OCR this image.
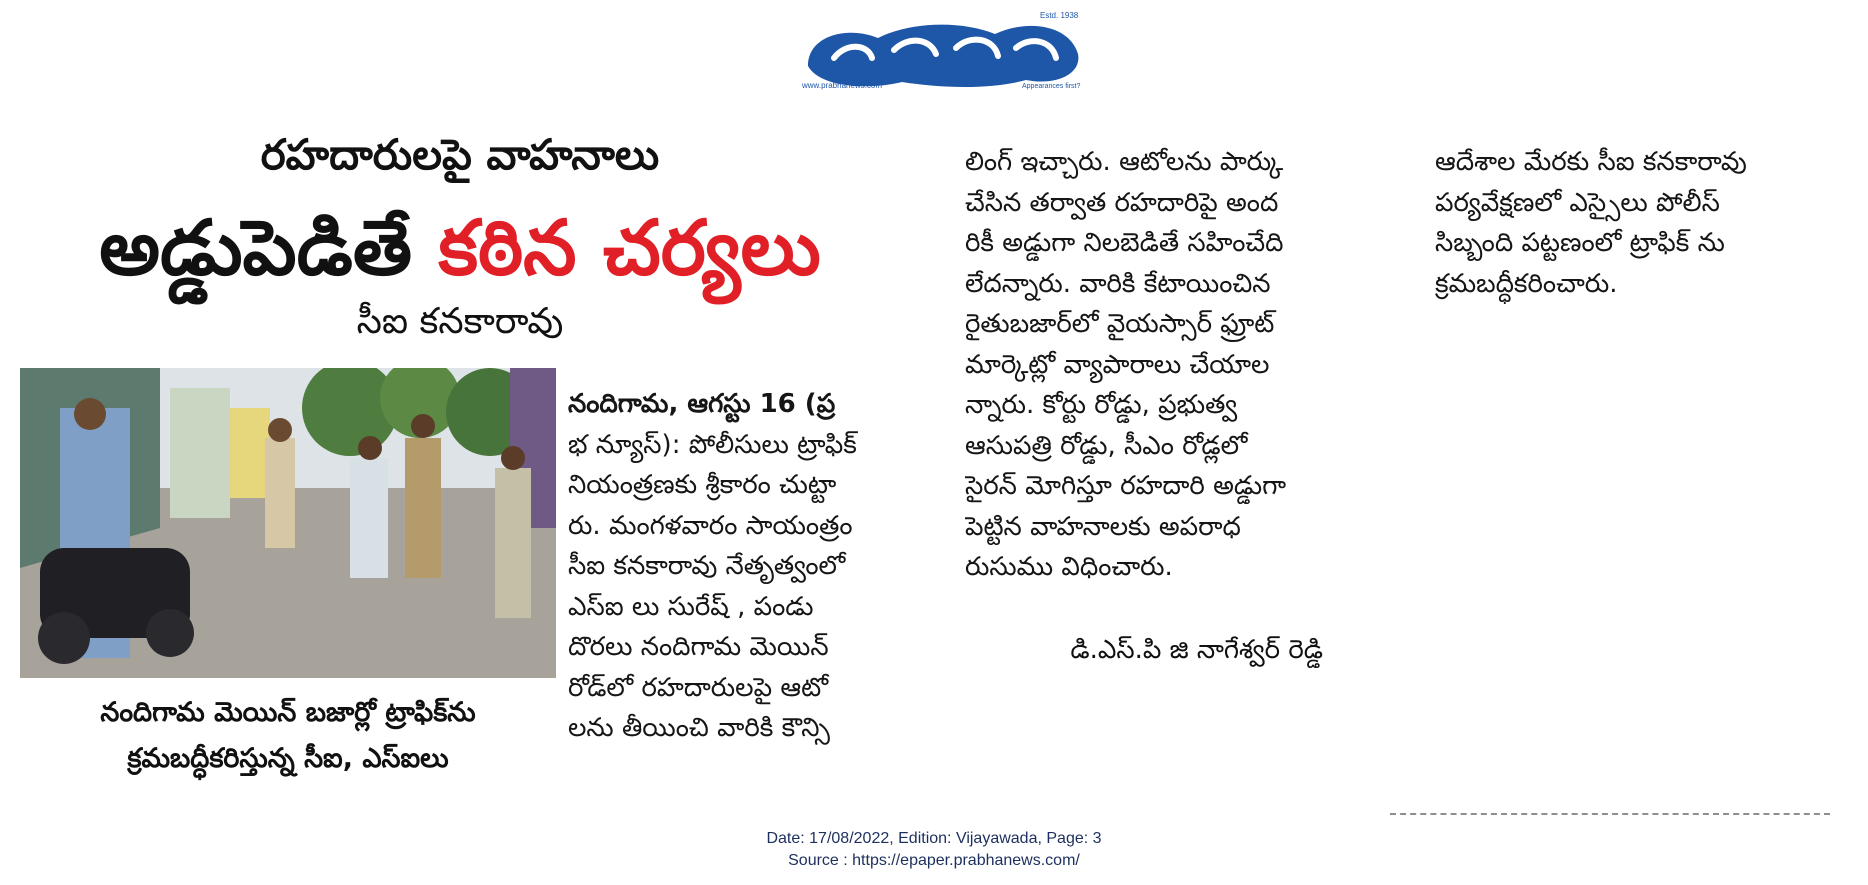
www.prabhanews.com	Appearances first?
Estd. 1938
రహదారులపై వాహనాలు
అడ్డుపెడితే కఠిన చర్యలు
సీఐ కనకారావు
నందిగామ మెయిన్ బజార్లో ట్రాఫిక్‌ను
క్రమబద్ధీకరిస్తున్న సీఐ, ఎస్ఐలు
నందిగామ, ఆగస్టు 16 (ప్ర
భ న్యూస్): పోలీసులు ట్రాఫిక్
నియంత్రణకు శ్రీకారం చుట్టా
రు. మంగళవారం సాయంత్రం
సీఐ కనకారావు నేతృత్వంలో
ఎస్ఐ లు సురేష్ , పండు
దొరలు నందిగామ మెయిన్
రోడ్‌లో రహదారులపై ఆటో
లను తీయించి వారికి కౌన్సి
లింగ్ ఇచ్చారు. ఆటోలను పార్కు
చేసిన తర్వాత రహదారిపై అంద
రికీ అడ్డుగా నిలబెడితే సహించేది
లేదన్నారు. వారికి కేటాయించిన
రైతుబజార్‌లో వైయస్సార్ ఫ్రూట్
మార్కెట్లో వ్యాపారాలు చేయాల
న్నారు. కోర్టు రోడ్డు, ప్రభుత్వ
ఆసుపత్రి రోడ్డు, సీఎం రోడ్లలో
సైరన్ మోగిస్తూ రహదారి అడ్డుగా
పెట్టిన వాహనాలకు అపరాధ
రుసుము విధించారు.
డి.ఎస్.పి జి నాగేశ్వర్ రెడ్డి
ఆదేశాల మేరకు సీఐ కనకారావు
పర్యవేక్షణలో ఎస్సైలు పోలీస్
సిబ్బంది పట్టణంలో ట్రాఫిక్ ను
క్రమబద్ధీకరించారు.
Date: 17/08/2022, Edition: Vijayawada, Page: 3
Source : https://epaper.prabhanews.com/
